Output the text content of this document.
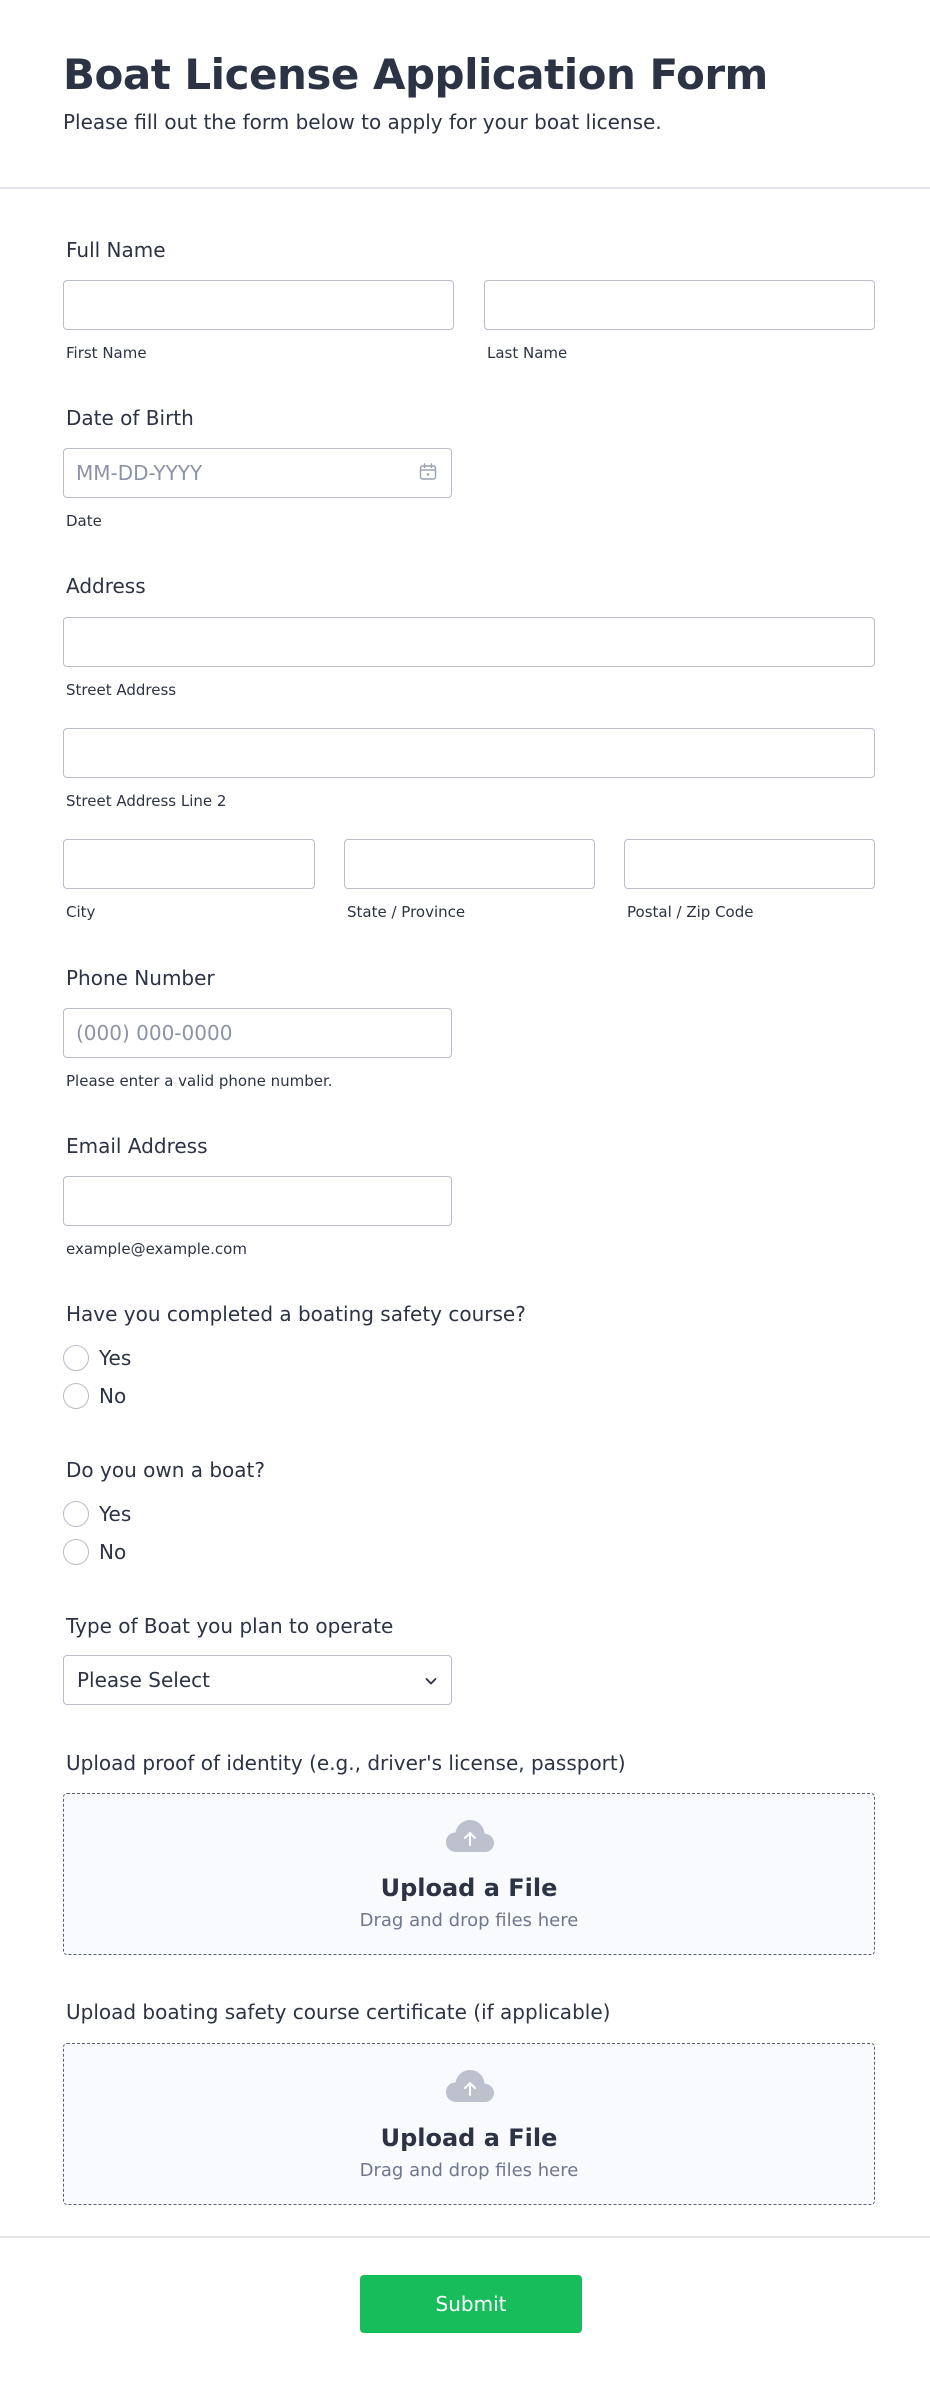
Boat License Application Form
Please fill out the form below to apply for your boat license.
Full Name
First Name	Last Name
Date of Birth
MM-DD-YYYY
Date
Address
Street Address
Street Address Line 2
City	State / Province	Postal / Zip Code
Phone Number
(000) 000-0000
Please enter a valid phone number.
Email Address
example@example.com
Have you completed a boating safety course?
Yes
No
Do you own a boat?
Yes
No
Type of Boat you plan to operate
Please Select
Upload proof of identity (e.g., driver's license, passport)
Upload a File
Drag and drop files here
Upload boating safety course certificate (if applicable)
Upload a File
Drag and drop files here
Submit
